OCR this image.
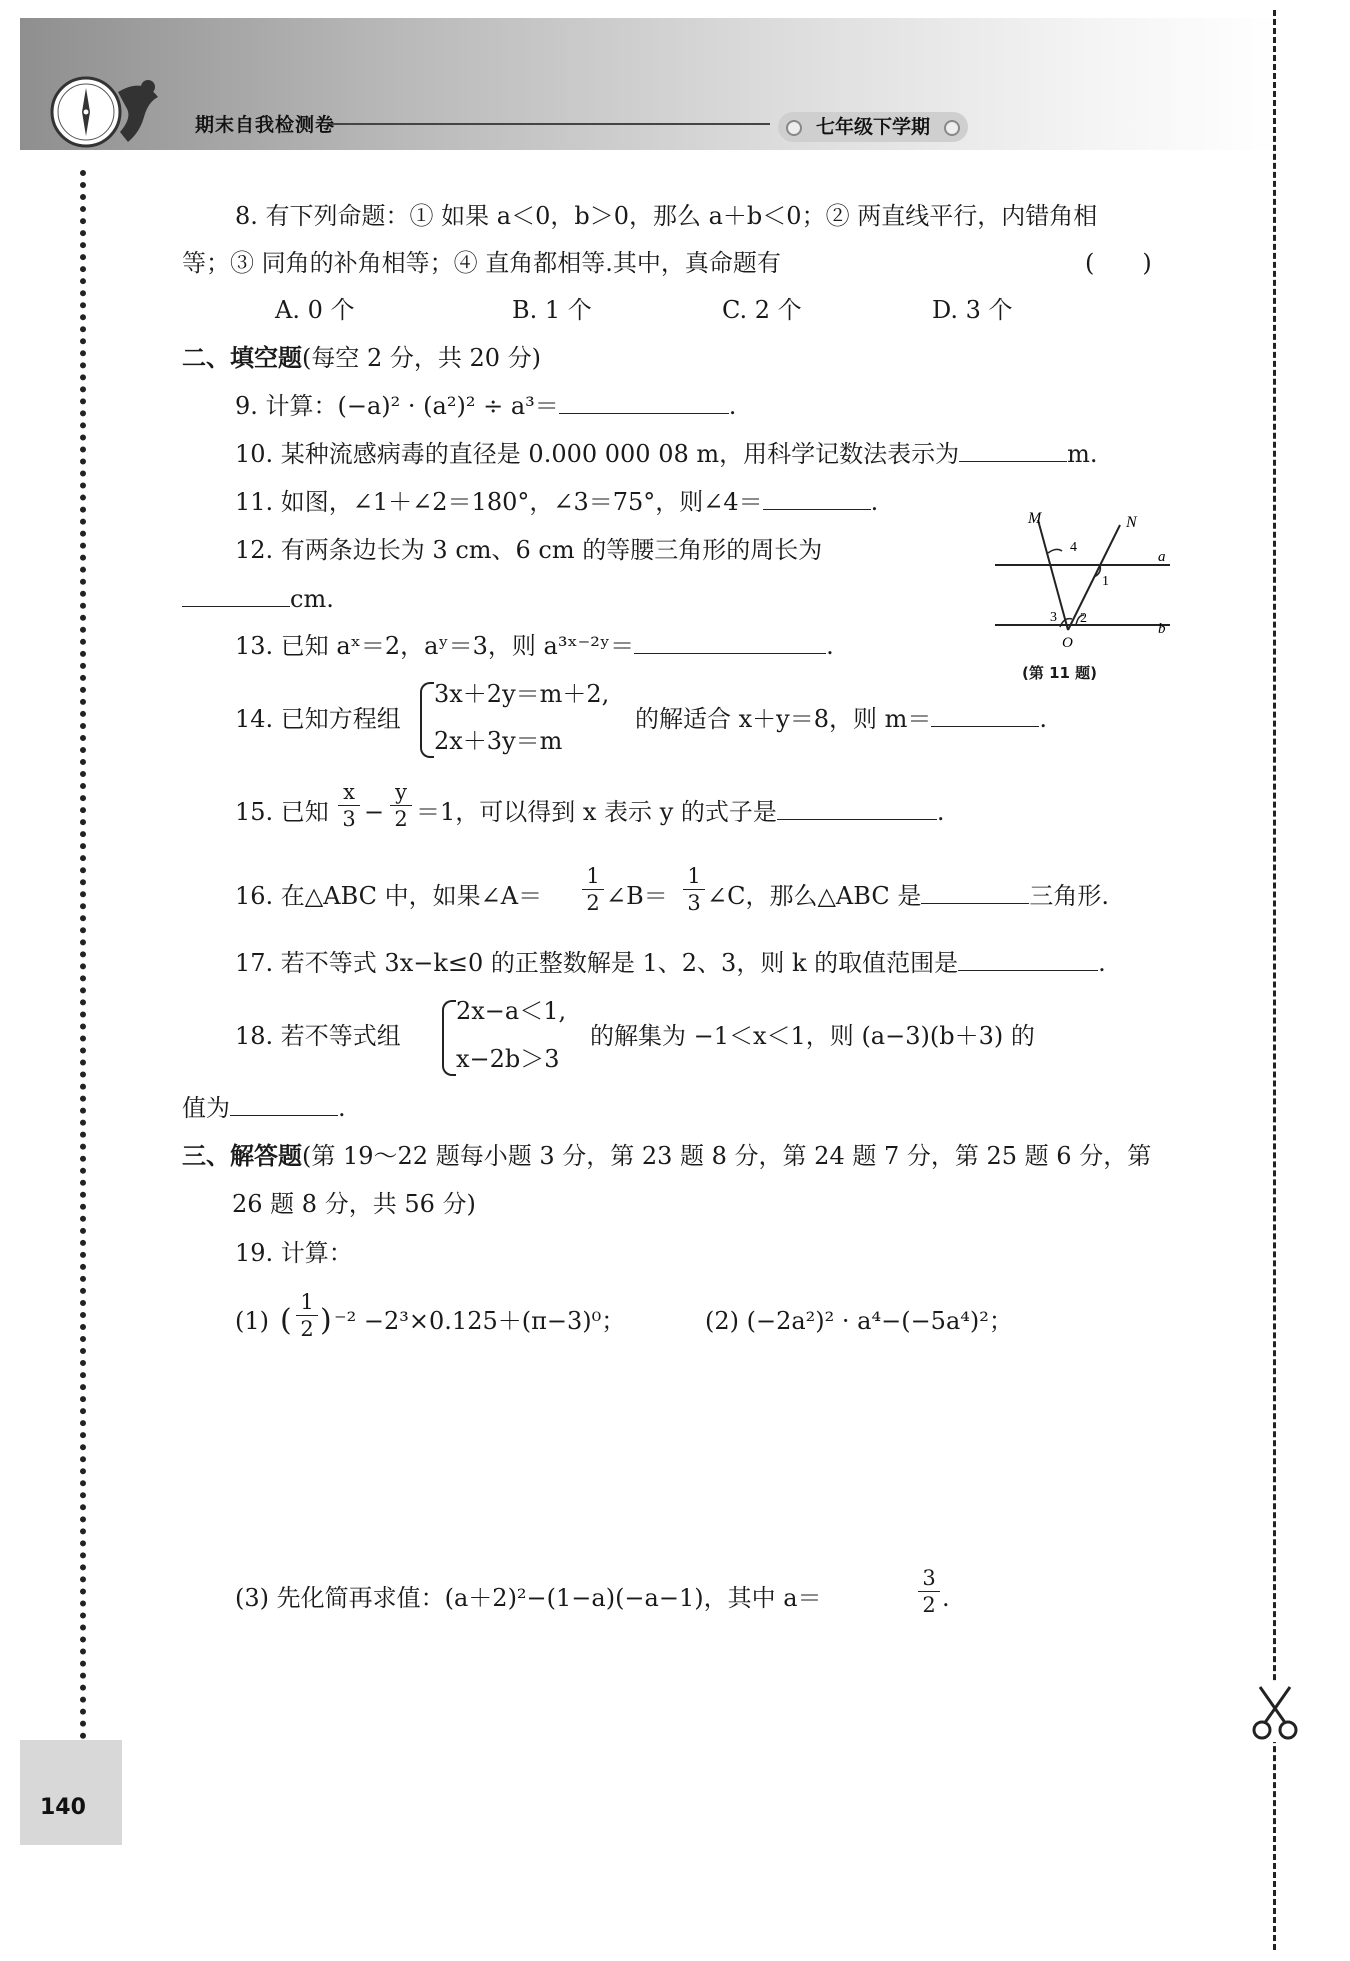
期末自我检测卷	七年级下学期
8. 有下列命题：① 如果 a＜0，b＞0，那么 a＋b＜0；② 两直线平行，内错角相
等；③ 同角的补角相等；④ 直角都相等.其中，真命题有	(　　)
A. 0 个	B. 1 个	C. 2 个	D. 3 个
二、填空题(每空 2 分，共 20 分)
9. 计算：(−a)² · (a²)² ÷ a³＝	.
10. 某种流感病毒的直径是 0.000 000 08 m，用科学记数法表示为	m.
11. 如图，∠1＋∠2＝180°，∠3＝75°，则∠4＝	.
12. 有两条边长为 3 cm、6 cm 的等腰三角形的周长为
cm.
13. 已知 aˣ＝2，aʸ＝3，则 a³ˣ⁻²ʸ＝	.
M	N
a
b
O
1
2
3
4
(第 11 题)
14. 已知方程组
3x＋2y＝m＋2,
2x＋3y＝m
的解适合 x＋y＝8，则 m＝	.
15. 已知
x
3 −
y
2 ＝1，可以得到 x 表示 y 的式子是	.
16. 在△ABC 中，如果∠A＝
1
2 ∠B＝
1
3 ∠C，那么△ABC 是	三角形.
17. 若不等式 3x−k≤0 的正整数解是 1、2、3，则 k 的取值范围是	.
18. 若不等式组
2x−a＜1,
x−2b＞3
的解集为 −1＜x＜1，则 (a−3)(b＋3) 的
值为	.
三、解答题(第 19～22 题每小题 3 分，第 23 题 8 分，第 24 题 7 分，第 25 题 6 分，第
26 题 8 分，共 56 分)
19. 计算：
(1) (
1
2 ) ⁻² −2³×0.125＋(π−3)⁰；	(2) (−2a²)² · a⁴−(−5a⁴)²；
(3) 先化简再求值：(a＋2)²−(1−a)(−a−1)，其中 a＝
3
2 .
140
